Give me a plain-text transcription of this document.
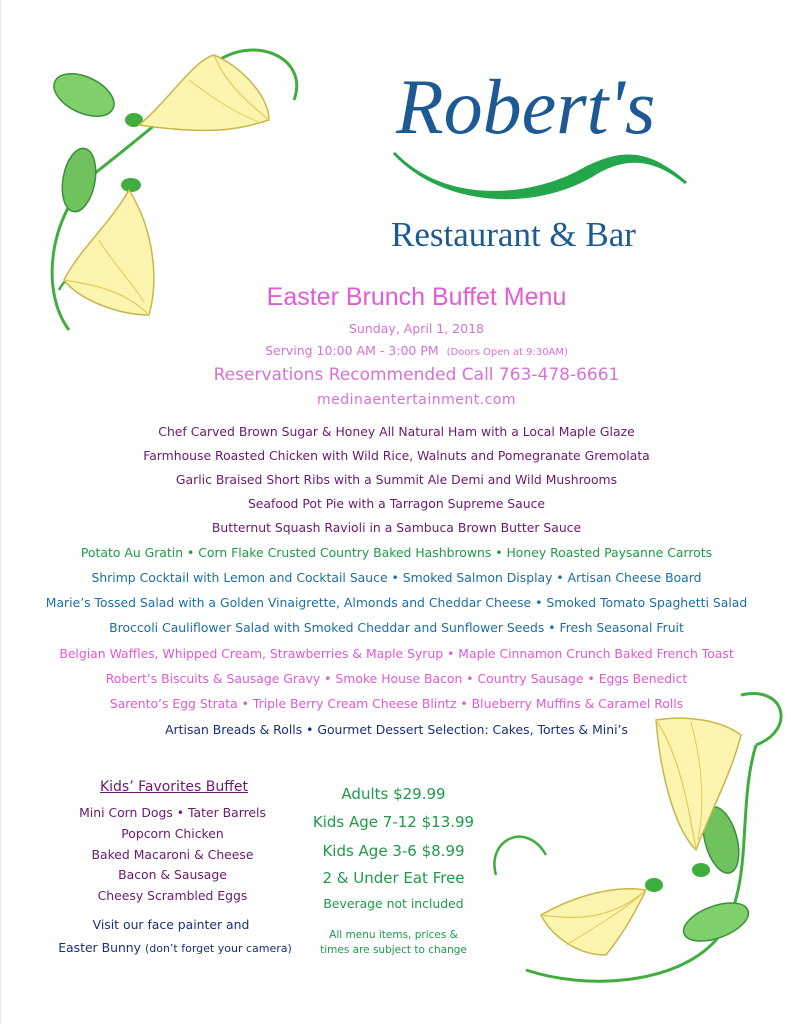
Robert's
Restaurant & Bar
Easter Brunch Buffet Menu
Sunday, April 1, 2018
Serving 10:00 AM - 3:00 PM (Doors Open at 9:30AM)
Reservations Recommended Call 763-478-6661
medinaentertainment.com
Chef Carved Brown Sugar & Honey All Natural Ham with a Local Maple Glaze
Farmhouse Roasted Chicken with Wild Rice, Walnuts and Pomegranate Gremolata
Garlic Braised Short Ribs with a Summit Ale Demi and Wild Mushrooms
Seafood Pot Pie with a Tarragon Supreme Sauce
Butternut Squash Ravioli in a Sambuca Brown Butter Sauce
Potato Au Gratin • Corn Flake Crusted Country Baked Hashbrowns • Honey Roasted Paysanne Carrots
Shrimp Cocktail with Lemon and Cocktail Sauce • Smoked Salmon Display • Artisan Cheese Board
Marie’s Tossed Salad with a Golden Vinaigrette, Almonds and Cheddar Cheese • Smoked Tomato Spaghetti Salad
Broccoli Cauliflower Salad with Smoked Cheddar and Sunflower Seeds • Fresh Seasonal Fruit
Belgian Waffles, Whipped Cream, Strawberries & Maple Syrup • Maple Cinnamon Crunch Baked French Toast
Robert’s Biscuits & Sausage Gravy • Smoke House Bacon • Country Sausage • Eggs Benedict
Sarento’s Egg Strata • Triple Berry Cream Cheese Blintz • Blueberry Muffins & Caramel Rolls
Artisan Breads & Rolls • Gourmet Dessert Selection: Cakes, Tortes & Mini’s
Kids’ Favorites Buffet
Mini Corn Dogs • Tater Barrels
Popcorn Chicken
Baked Macaroni & Cheese
Bacon & Sausage
Cheesy Scrambled Eggs
Visit our face painter and
Easter Bunny (don’t forget your camera)
Adults $29.99
Kids Age 7-12 $13.99
Kids Age 3-6 $8.99
2 & Under Eat Free
Beverage not included
All menu items, prices &
times are subject to change
